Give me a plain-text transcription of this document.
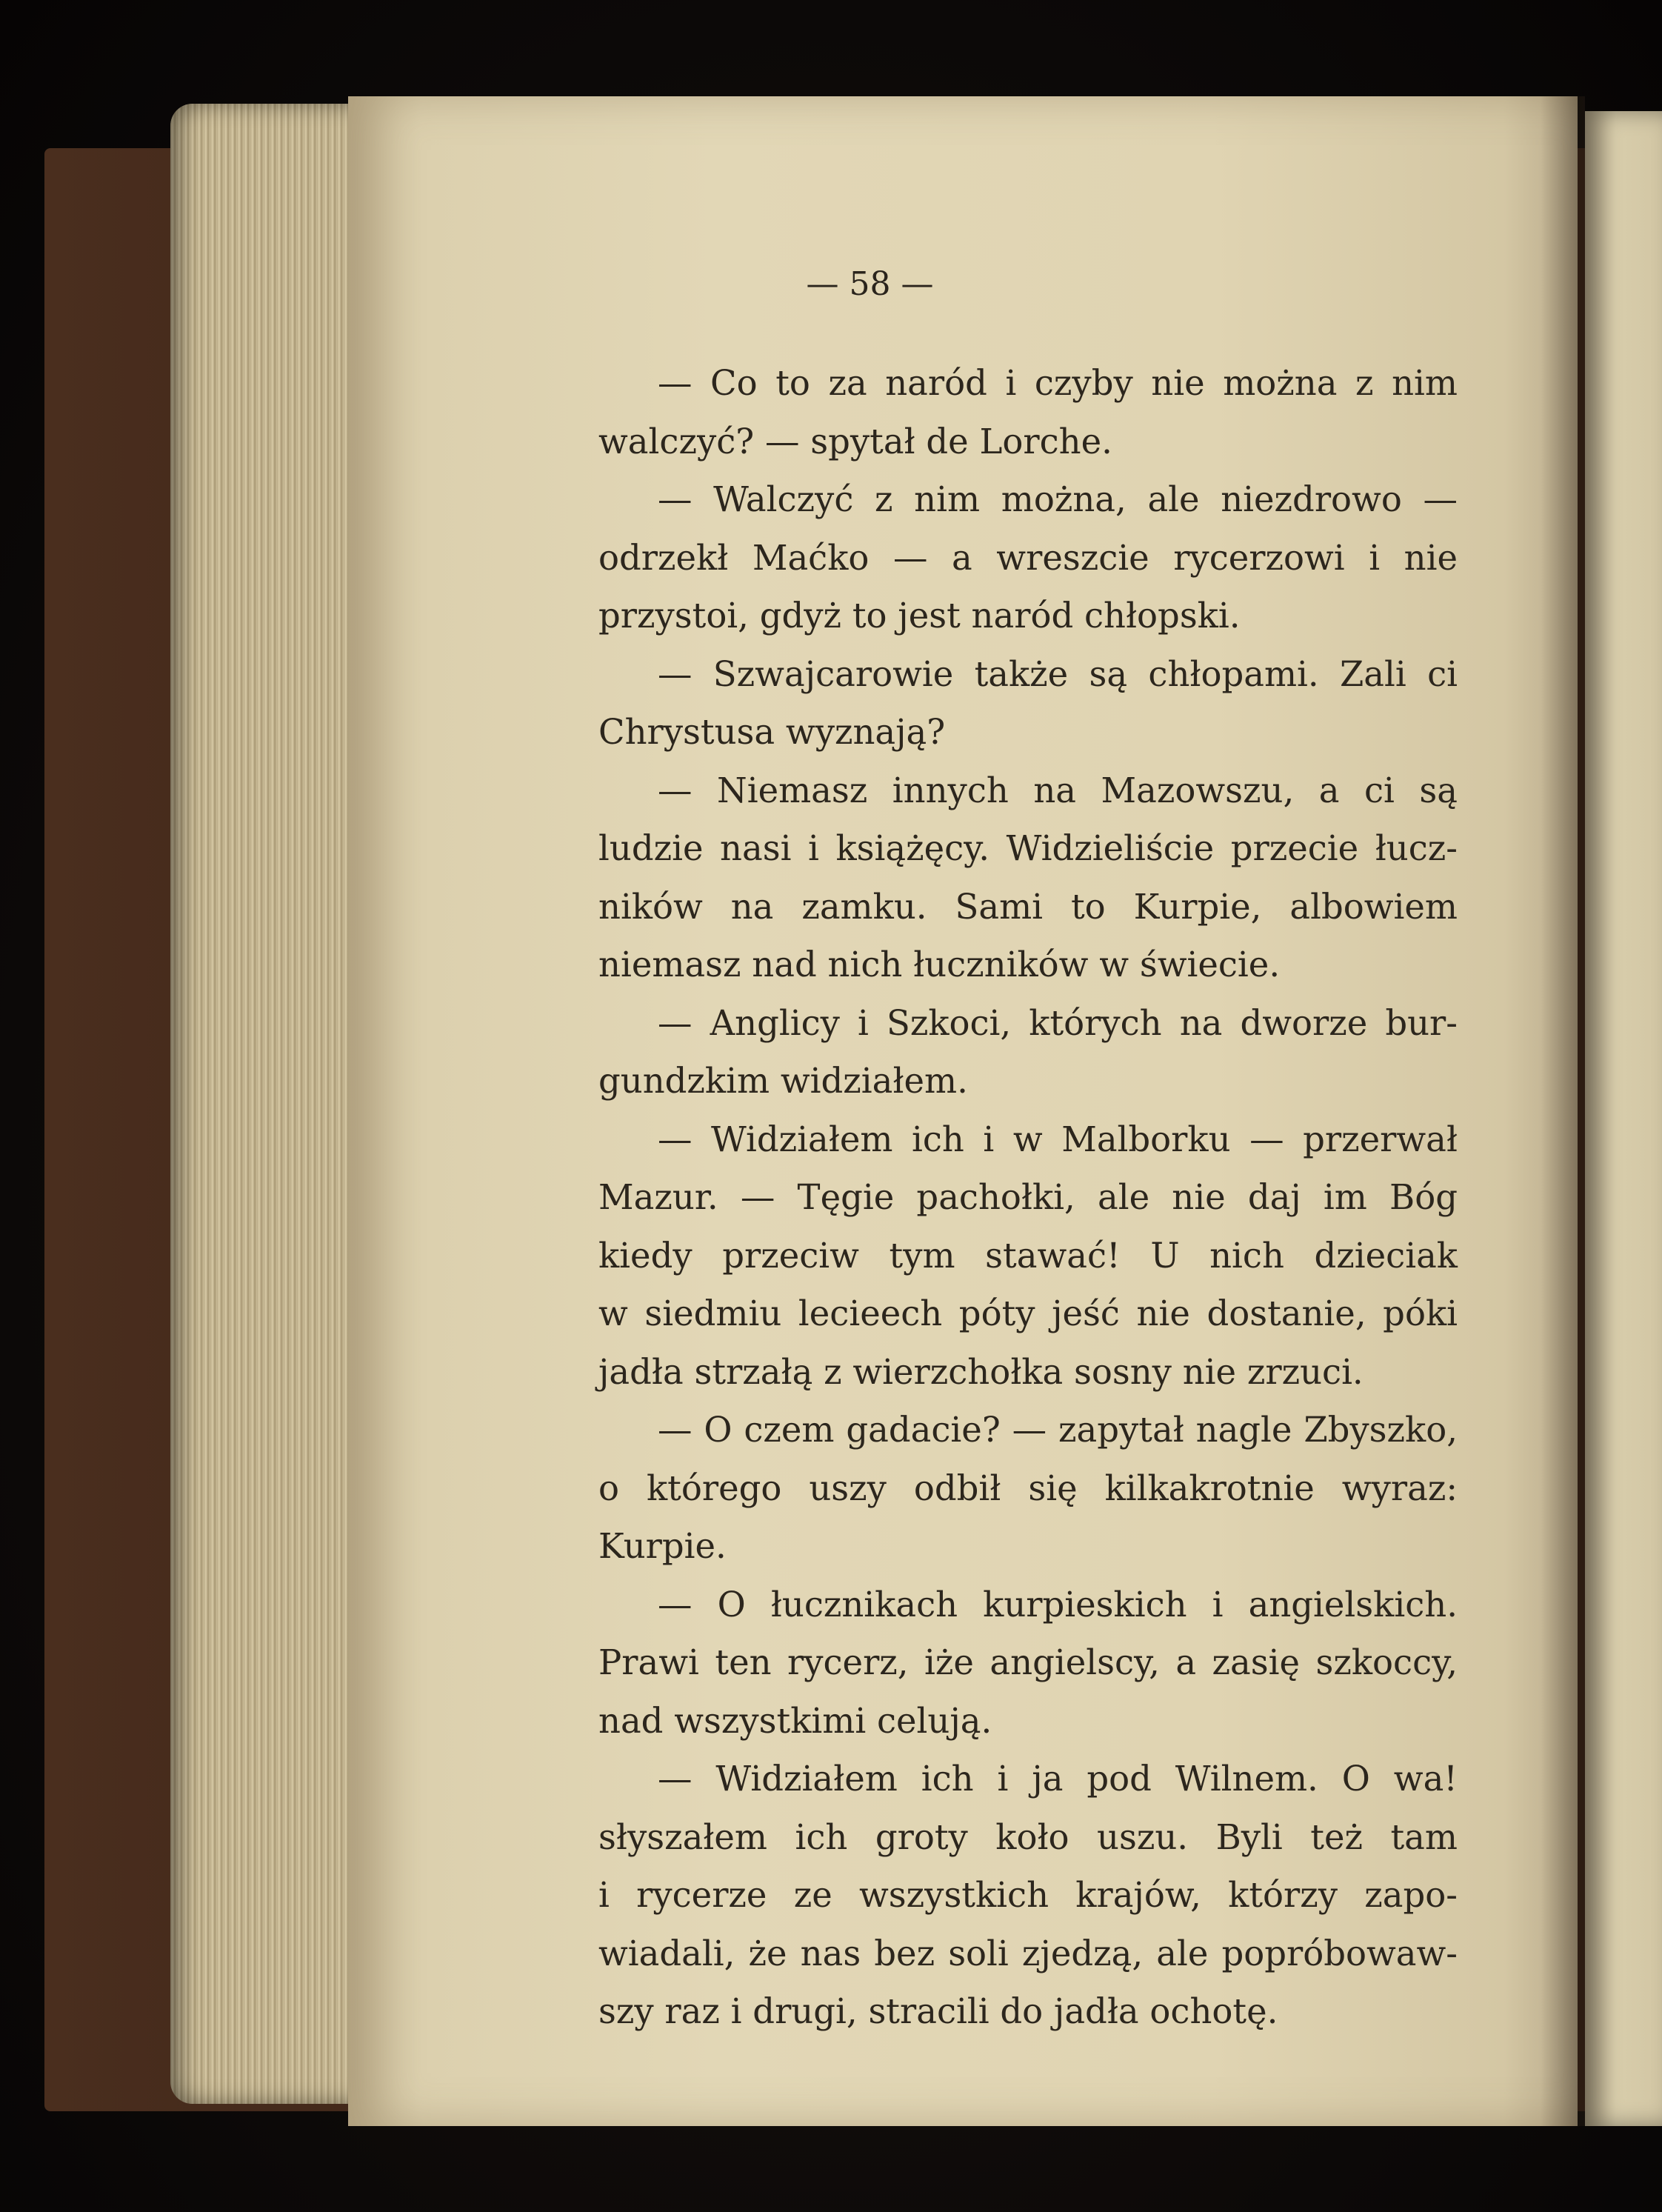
— 58 —
— Co to za naród i czyby nie można z nim
walczyć? — spytał de Lorche.
— Walczyć z nim można, ale niezdrowo —
odrzekł Maćko — a wreszcie rycerzowi i nie
przystoi, gdyż to jest naród chłopski.
— Szwajcarowie także są chłopami. Zali ci
Chrystusa wyznają?
— Niemasz innych na Mazowszu, a ci są
ludzie nasi i książęcy. Widzieliście przecie łucz-
ników na zamku. Sami to Kurpie, albowiem
niemasz nad nich łuczników w świecie.
— Anglicy i Szkoci, których na dworze bur-
gundzkim widziałem.
— Widziałem ich i w Malborku — przerwał
Mazur. — Tęgie pachołki, ale nie daj im Bóg
kiedy przeciw tym stawać! U nich dzieciak
w siedmiu lecieech póty jeść nie dostanie, póki
jadła strzałą z wierzchołka sosny nie zrzuci.
— O czem gadacie? — zapytał nagle Zbyszko,
o którego uszy odbił się kilkakrotnie wyraz:
Kurpie.
— O łucznikach kurpieskich i angielskich.
Prawi ten rycerz, iże angielscy, a zasię szkoccy,
nad wszystkimi celują.
— Widziałem ich i ja pod Wilnem. O wa!
słyszałem ich groty koło uszu. Byli też tam
i rycerze ze wszystkich krajów, którzy zapo-
wiadali, że nas bez soli zjedzą, ale popróbowaw-
szy raz i drugi, stracili do jadła ochotę.
